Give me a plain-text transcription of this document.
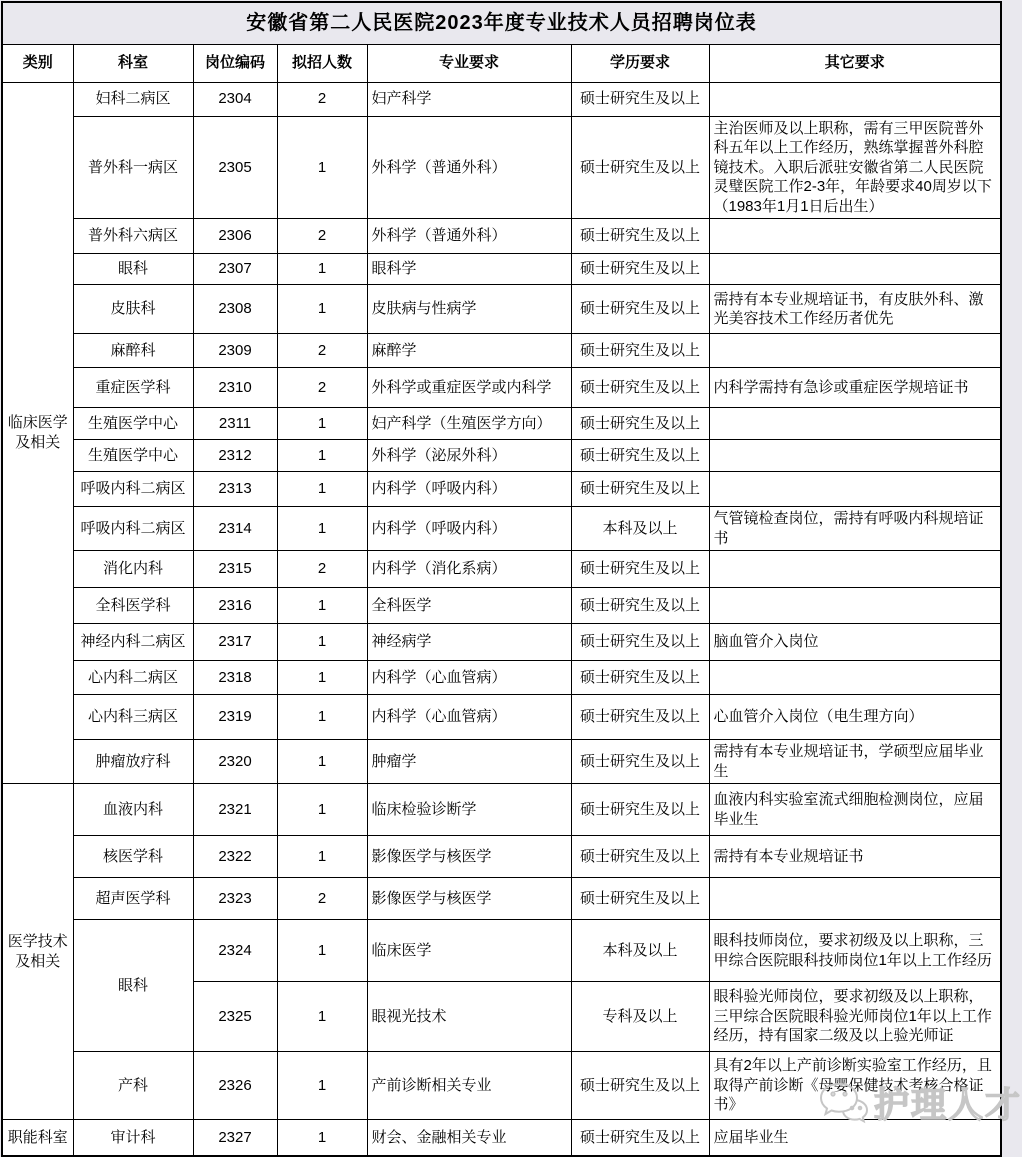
安徽省第二人民医院2023年度专业技术人员招聘岗位表						
类别	科室	岗位编码	拟招人数	专业要求	学历要求	其它要求
临床医学及相关	妇科二病区	2304	2	妇产科学	硕士研究生及以上	
	普外科一病区	2305	1	外科学（普通外科）	硕士研究生及以上	主治医师及以上职称，需有三甲医院普外科五年以上工作经历，熟练掌握普外科腔镜技术。入职后派驻安徽省第二人民医院灵璧医院工作2-3年，年龄要求40周岁以下（1983年1月1日后出生）
	普外科六病区	2306	2	外科学（普通外科）	硕士研究生及以上	
	眼科	2307	1	眼科学	硕士研究生及以上	
	皮肤科	2308	1	皮肤病与性病学	硕士研究生及以上	需持有本专业规培证书，有皮肤外科、激光美容技术工作经历者优先
	麻醉科	2309	2	麻醉学	硕士研究生及以上	
	重症医学科	2310	2	外科学或重症医学或内科学	硕士研究生及以上	内科学需持有急诊或重症医学规培证书
	生殖医学中心	2311	1	妇产科学（生殖医学方向）	硕士研究生及以上	
	生殖医学中心	2312	1	外科学（泌尿外科）	硕士研究生及以上	
	呼吸内科二病区	2313	1	内科学（呼吸内科）	硕士研究生及以上	
	呼吸内科二病区	2314	1	内科学（呼吸内科）	本科及以上	气管镜检查岗位，需持有呼吸内科规培证书
	消化内科	2315	2	内科学（消化系病）	硕士研究生及以上	
	全科医学科	2316	1	全科医学	硕士研究生及以上	
	神经内科二病区	2317	1	神经病学	硕士研究生及以上	脑血管介入岗位
	心内科二病区	2318	1	内科学（心血管病）	硕士研究生及以上	
	心内科三病区	2319	1	内科学（心血管病）	硕士研究生及以上	心血管介入岗位（电生理方向）
	肿瘤放疗科	2320	1	肿瘤学	硕士研究生及以上	需持有本专业规培证书，学硕型应届毕业生
医学技术及相关	血液内科	2321	1	临床检验诊断学	硕士研究生及以上	血液内科实验室流式细胞检测岗位，应届毕业生
	核医学科	2322	1	影像医学与核医学	硕士研究生及以上	需持有本专业规培证书
	超声医学科	2323	2	影像医学与核医学	硕士研究生及以上	
	眼科	2324	1	临床医学	本科及以上	眼科技师岗位，要求初级及以上职称，三甲综合医院眼科技师岗位1年以上工作经历
		2325	1	眼视光技术	专科及以上	眼科验光师岗位，要求初级及以上职称，三甲综合医院眼科验光师岗位1年以上工作经历，持有国家二级及以上验光师证
	产科	2326	1	产前诊断相关专业	硕士研究生及以上	具有2年以上产前诊断实验室工作经历，且取得产前诊断《母婴保健技术考核合格证书》
职能科室	审计科	2327	1	财会、金融相关专业	硕士研究生及以上	应届毕业生
